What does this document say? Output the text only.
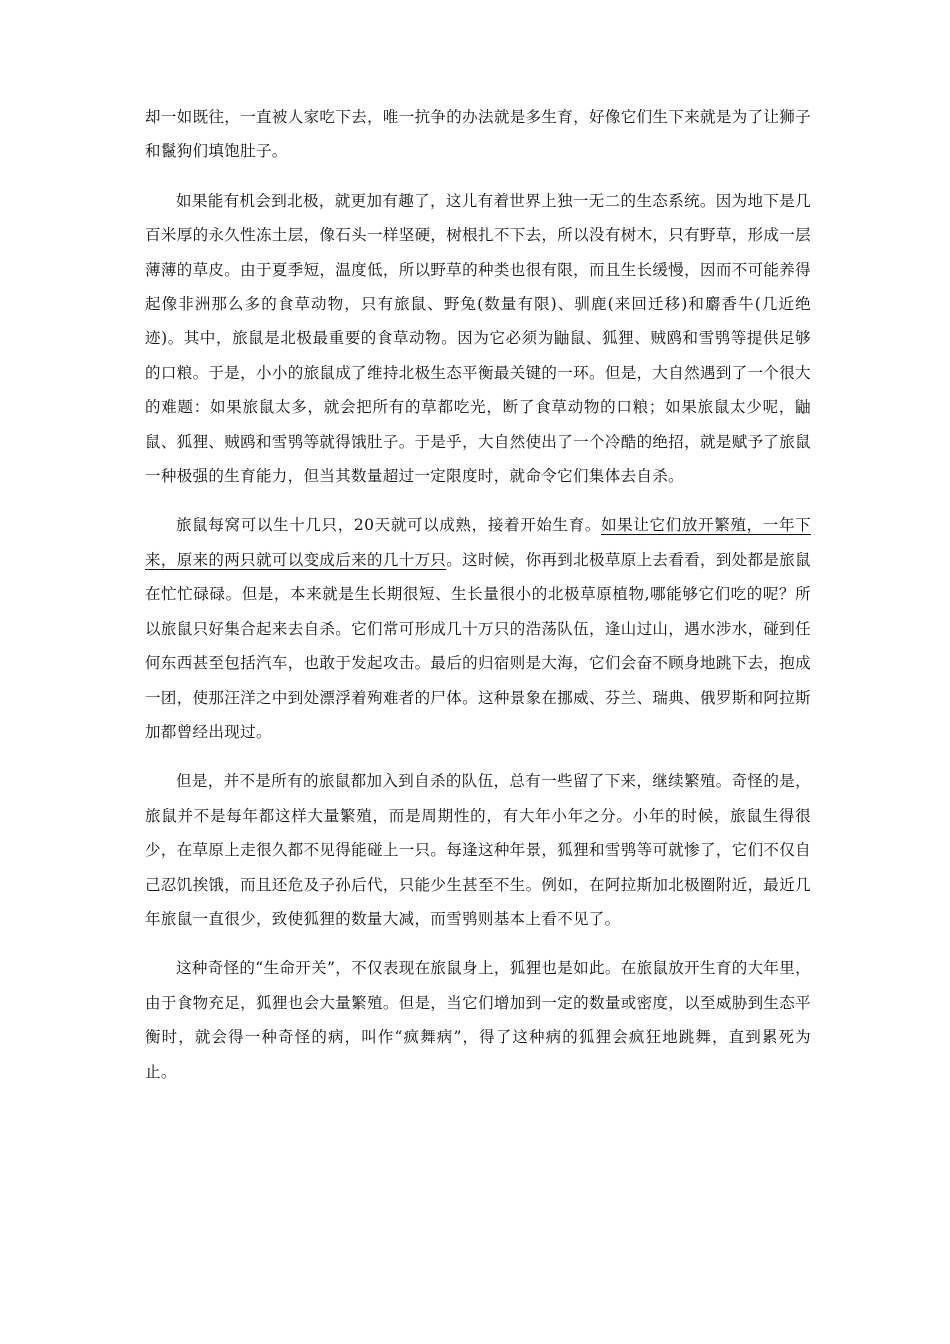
却一如既往，一直被人家吃下去，唯一抗争的办法就是多生育，好像它们生下来就是为了让狮子和鬣狗们填饱肚子。

如果能有机会到北极，就更加有趣了，这儿有着世界上独一无二的生态系统。因为地下是几百米厚的永久性冻土层，像石头一样坚硬，树根扎不下去，所以没有树木，只有野草，形成一层薄薄的草皮。由于夏季短，温度低，所以野草的种类也很有限，而且生长缓慢，因而不可能养得起像非洲那么多的食草动物，只有旅鼠、野兔(数量有限)、驯鹿(来回迁移)和麝香牛(几近绝迹)。其中，旅鼠是北极最重要的食草动物。因为它必须为鼬鼠、狐狸、贼鸥和雪鸮等提供足够的口粮。于是，小小的旅鼠成了维持北极生态平衡最关键的一环。但是，大自然遇到了一个很大的难题：如果旅鼠太多，就会把所有的草都吃光，断了食草动物的口粮；如果旅鼠太少呢，鼬鼠、狐狸、贼鸥和雪鸮等就得饿肚子。于是乎，大自然使出了一个冷酷的绝招，就是赋予了旅鼠一种极强的生育能力，但当其数量超过一定限度时，就命令它们集体去自杀。

旅鼠每窝可以生十几只，20天就可以成熟，接着开始生育。如果让它们放开繁殖，一年下来，原来的两只就可以变成后来的几十万只。这时候，你再到北极草原上去看看，到处都是旅鼠在忙忙碌碌。但是，本来就是生长期很短、生长量很小的北极草原植物,哪能够它们吃的呢？所以旅鼠只好集合起来去自杀。它们常可形成几十万只的浩荡队伍，逢山过山，遇水涉水，碰到任何东西甚至包括汽车，也敢于发起攻击。最后的归宿则是大海，它们会奋不顾身地跳下去，抱成一团，使那汪洋之中到处漂浮着殉难者的尸体。这种景象在挪威、芬兰、瑞典、俄罗斯和阿拉斯加都曾经出现过。

但是，并不是所有的旅鼠都加入到自杀的队伍，总有一些留了下来，继续繁殖。奇怪的是，旅鼠并不是每年都这样大量繁殖，而是周期性的，有大年小年之分。小年的时候，旅鼠生得很少，在草原上走很久都不见得能碰上一只。每逢这种年景，狐狸和雪鸮等可就惨了，它们不仅自己忍饥挨饿，而且还危及子孙后代，只能少生甚至不生。例如，在阿拉斯加北极圈附近，最近几年旅鼠一直很少，致使狐狸的数量大减，而雪鸮则基本上看不见了。

这种奇怪的“生命开关”，不仅表现在旅鼠身上，狐狸也是如此。在旅鼠放开生育的大年里，由于食物充足，狐狸也会大量繁殖。但是，当它们增加到一定的数量或密度，以至威胁到生态平衡时，就会得一种奇怪的病，叫作“疯舞病”，得了这种病的狐狸会疯狂地跳舞，直到累死为止。
